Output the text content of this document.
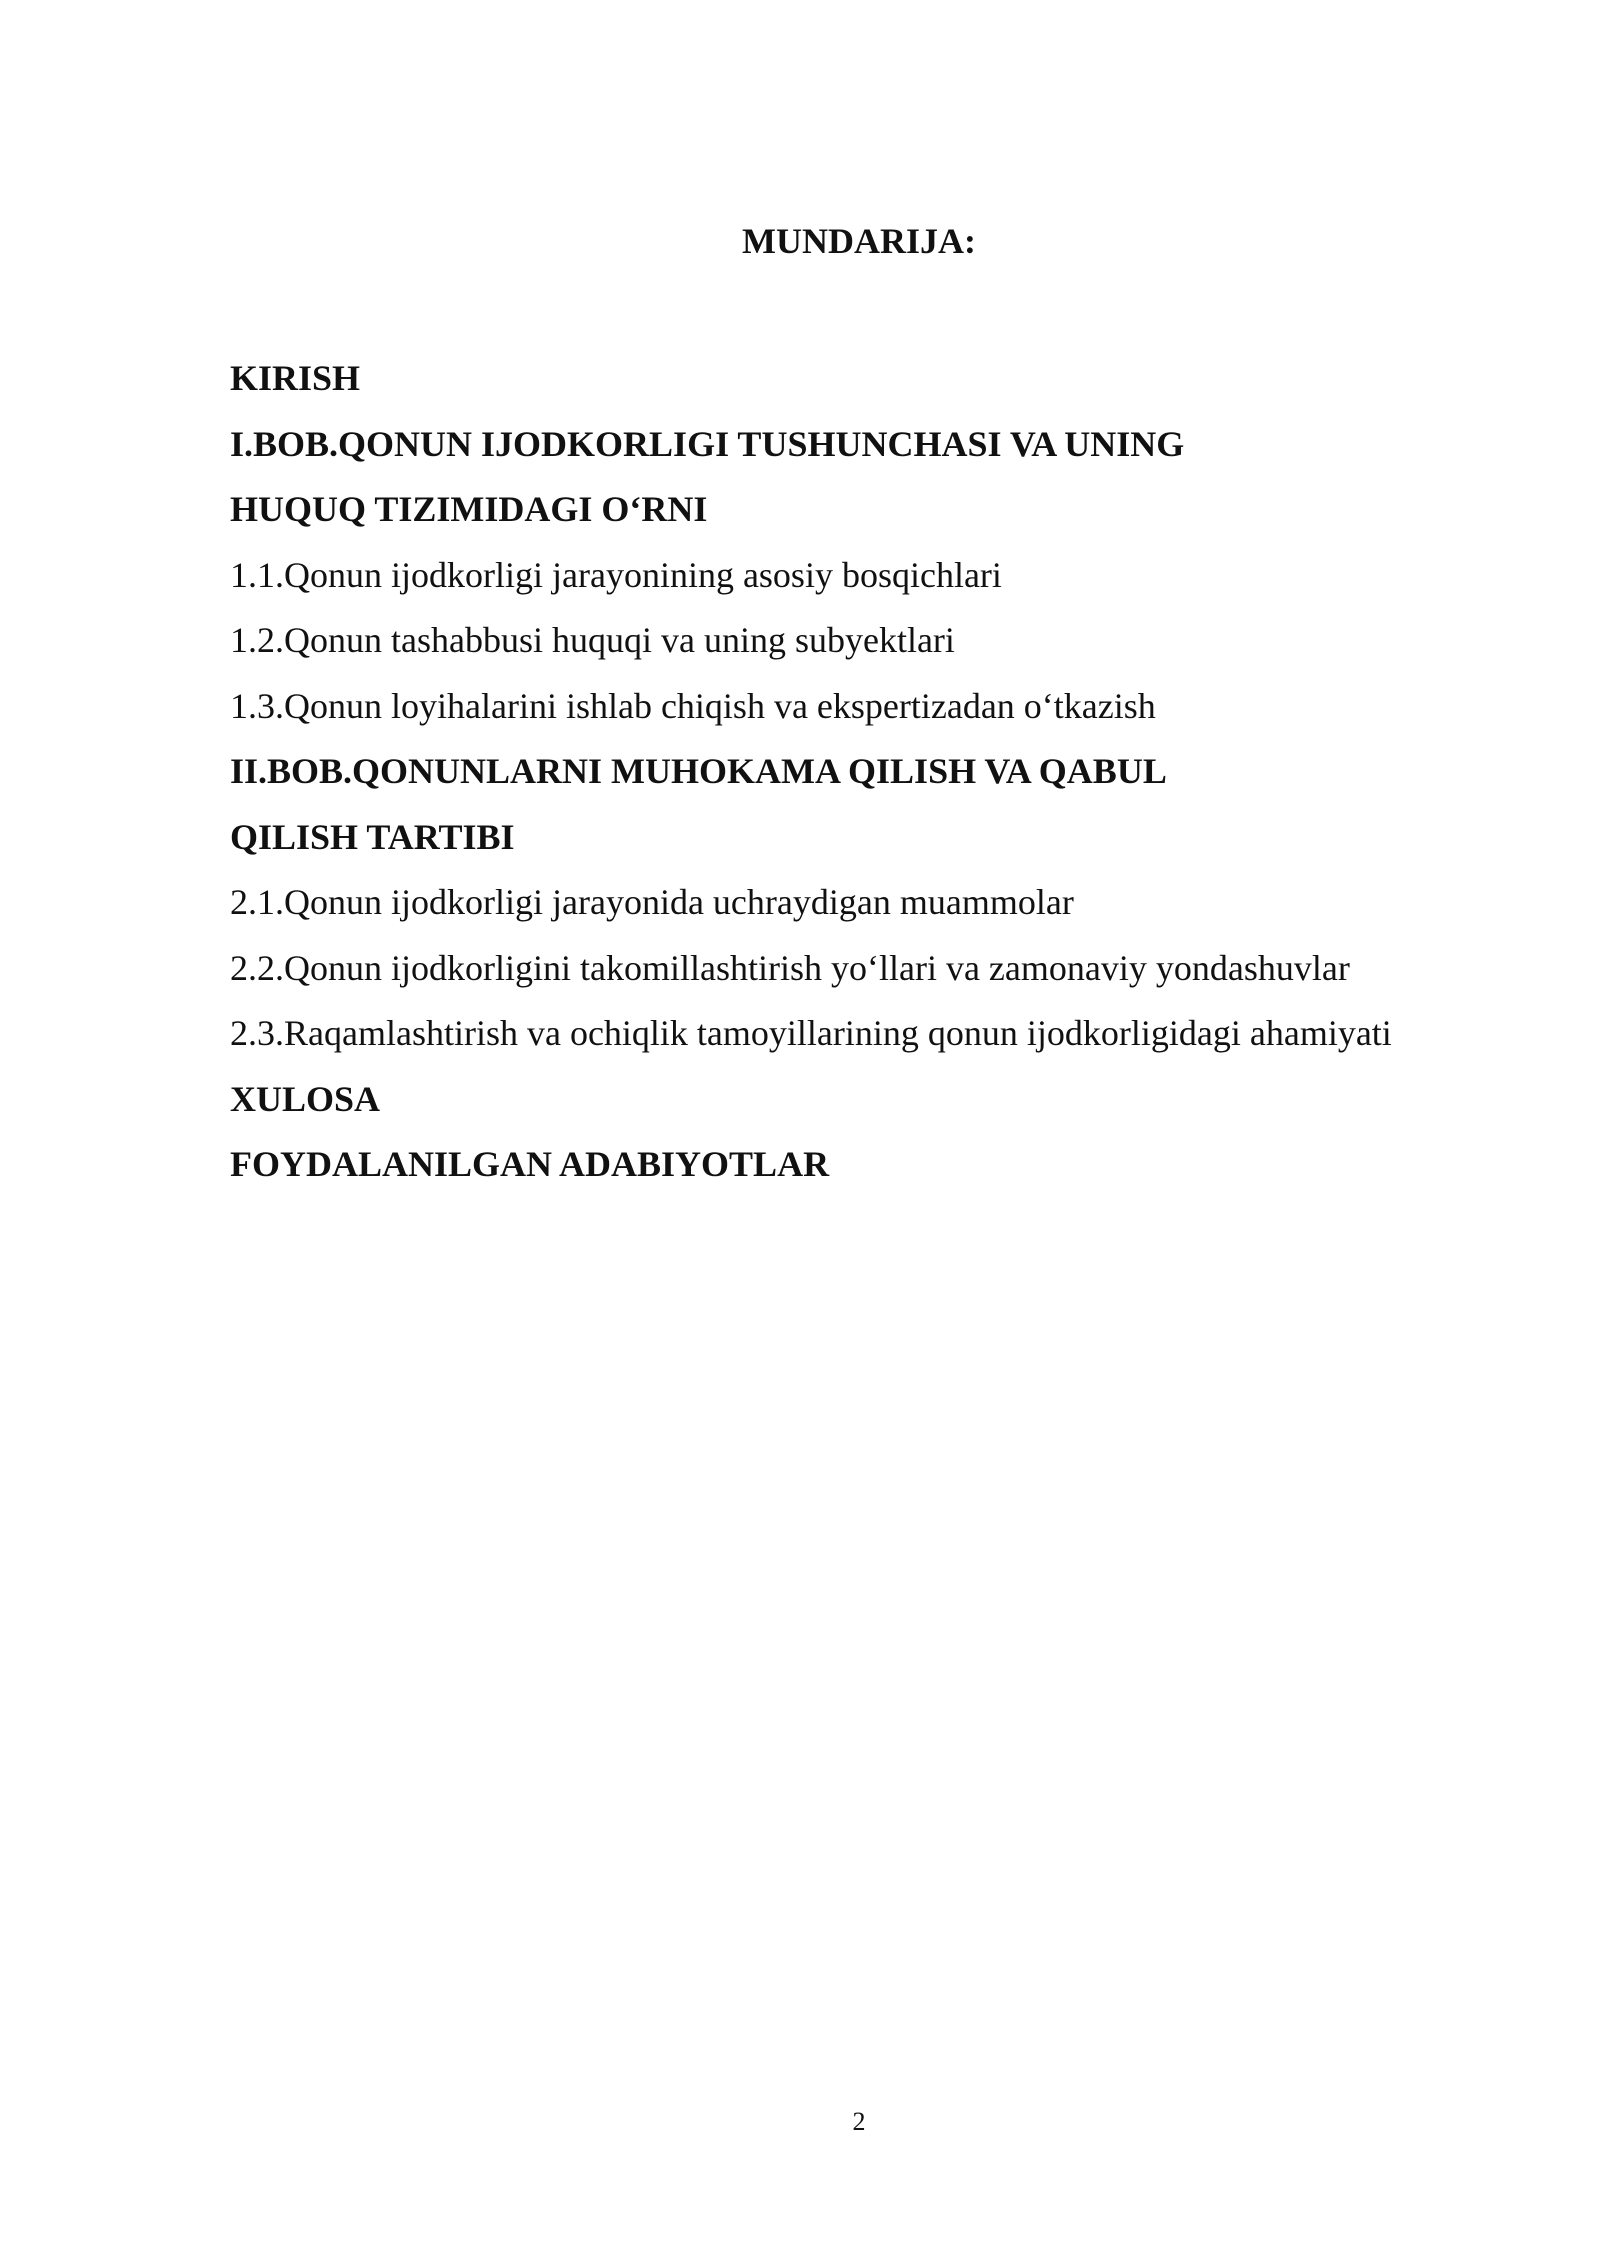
MUNDARIJA:
KIRISH
I.BOB.QONUN IJODKORLIGI TUSHUNCHASI VA UNING
HUQUQ TIZIMIDAGI O‘RNI
1.1.Qonun ijodkorligi jarayonining asosiy bosqichlari
1.2.Qonun tashabbusi huquqi va uning subyektlari
1.3.Qonun loyihalarini ishlab chiqish va ekspertizadan o‘tkazish
II.BOB.QONUNLARNI MUHOKAMA QILISH VA QABUL
QILISH TARTIBI
2.1.Qonun ijodkorligi jarayonida uchraydigan muammolar
2.2.Qonun ijodkorligini takomillashtirish yo‘llari va zamonaviy yondashuvlar
2.3.Raqamlashtirish va ochiqlik tamoyillarining qonun ijodkorligidagi ahamiyati
XULOSA
FOYDALANILGAN ADABIYOTLAR
2
